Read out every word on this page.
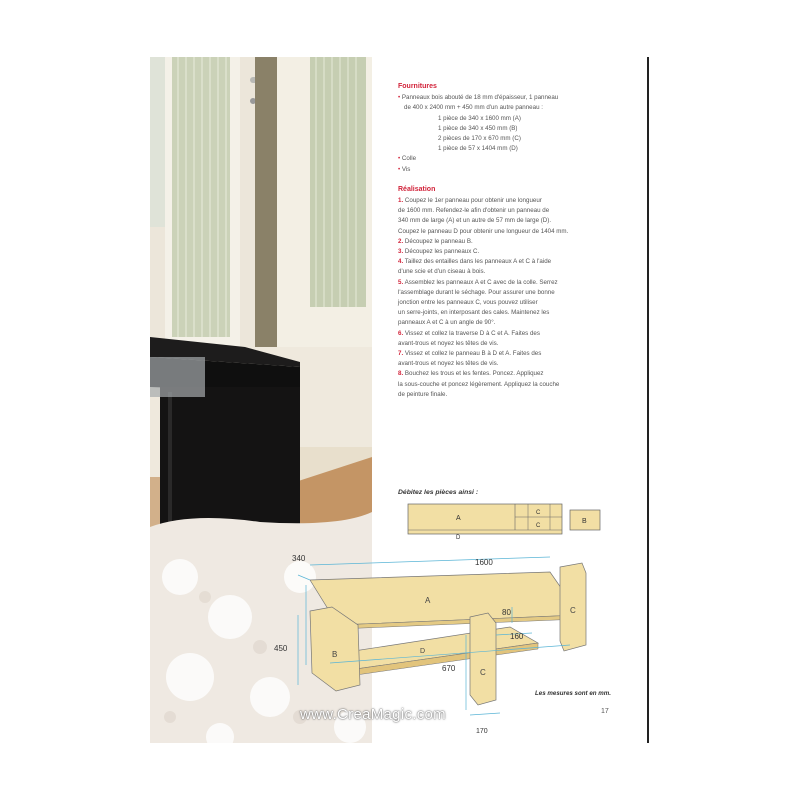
Fournitures
• Panneaux bois abouté de 18 mm d'épaisseur, 1 panneau
de 400 x 2400 mm + 450 mm d'un autre panneau :
1 pièce de 340 x 1600 mm (A)
1 pièce de 340 x 450 mm (B)
2 pièces de 170 x 670 mm (C)
1 pièce de 57 x 1404 mm (D)
• Colle
• Vis
Réalisation
1. Coupez le 1er panneau pour obtenir une longueur
de 1600 mm. Refendez-le afin d'obtenir un panneau de
340 mm de large (A) et un autre de 57 mm de large (D).
Coupez le panneau D pour obtenir une longueur de 1404 mm.
2. Découpez le panneau B.
3. Découpez les panneaux C.
4. Taillez des entailles dans les panneaux A et C à l'aide
d'une scie et d'un ciseau à bois.
5. Assemblez les panneaux A et C avec de la colle. Serrez
l'assemblage durant le séchage. Pour assurer une bonne
jonction entre les panneaux C, vous pouvez utiliser
un serre-joints, en interposant des cales. Maintenez les
panneaux A et C à un angle de 90°.
6. Vissez et collez la traverse D à C et A. Faites des
avant-trous et noyez les têtes de vis.
7. Vissez et collez le panneau B à D et A. Faites des
avant-trous et noyez les têtes de vis.
8. Bouchez les trous et les fentes. Poncez. Appliquez
la sous-couche et poncez légèrement. Appliquez la couche
de peinture finale.
Débitez les pièces ainsi :
A
C
C
D
B
340	1600
450
670
80
160
170
A
B
C
C
D
Les mesures sont en mm.
17
www.CreaMagic.com
